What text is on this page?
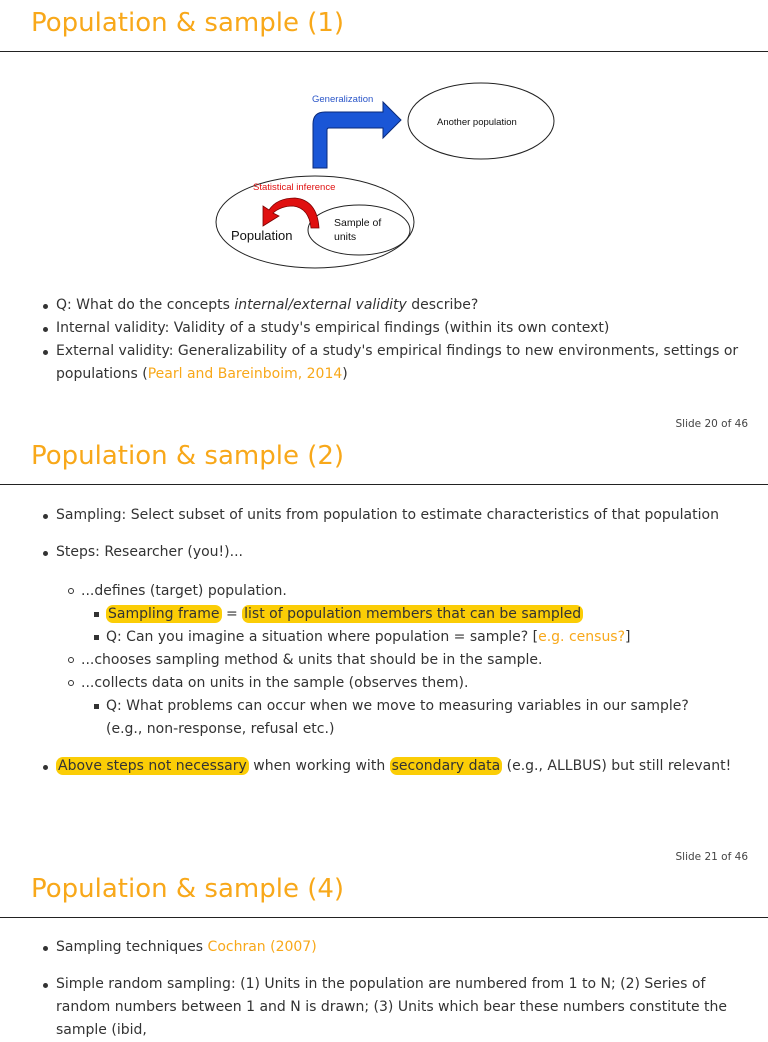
Population & sample (1)
Generalization
Another population
Statistical inference
Population
Sample of
units
Q: What do the concepts internal/external validity describe?
Internal validity: Validity of a study's empirical findings (within its own context)
External validity: Generalizability of a study's empirical findings to new environments, settings or populations (Pearl and Bareinboim, 2014)
Slide 20 of 46
Population & sample (2)
Sampling: Select subset of units from population to estimate characteristics of that population
Steps: Researcher (you!)...
...defines (target) population.
Sampling frame = list of population members that can be sampled
Q: Can you imagine a situation where population = sample? [e.g. census?]
...chooses sampling method & units that should be in the sample.
...collects data on units in the sample (observes them).
Q: What problems can occur when we move to measuring variables in our sample? (e.g., non-response, refusal etc.)
Above steps not necessary when working with secondary data (e.g., ALLBUS) but still relevant!
Slide 21 of 46
Population & sample (4)
Sampling techniques Cochran (2007)
Simple random sampling: (1) Units in the population are numbered from 1 to N; (2) Series of random numbers between 1 and N is drawn; (3) Units which bear these numbers constitute the sample (ibid,
